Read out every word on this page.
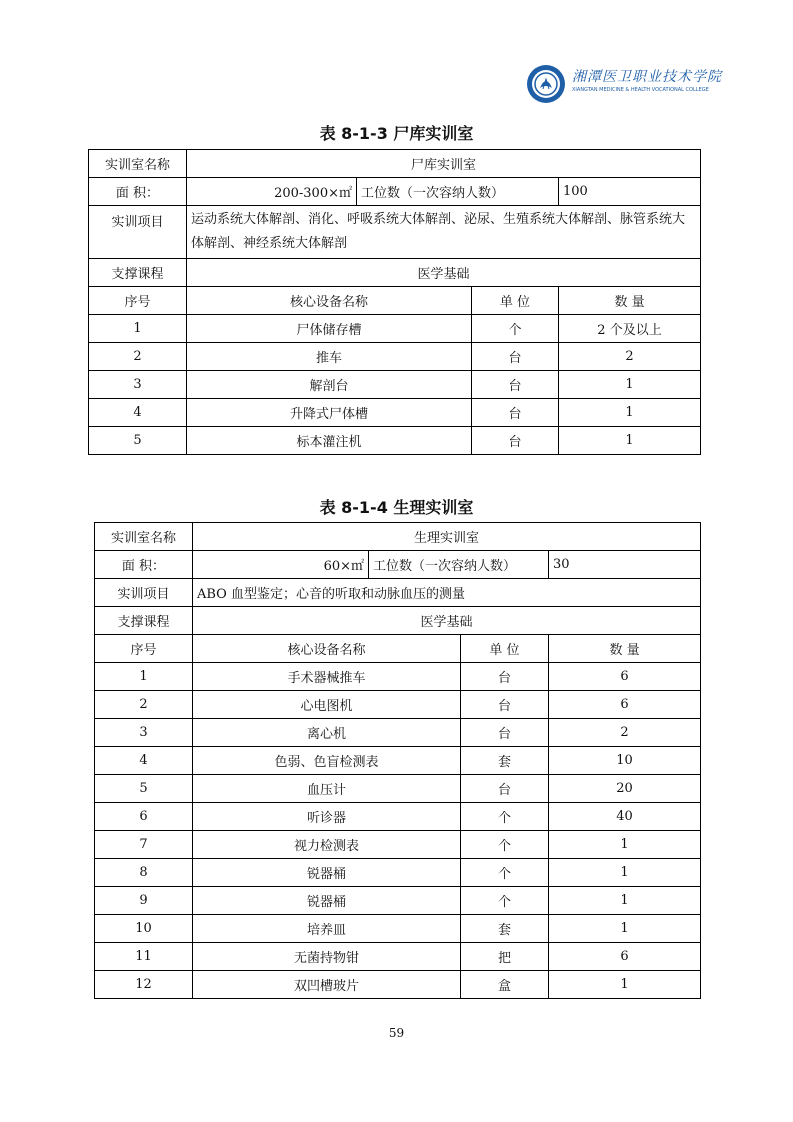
湘潭医卫职业技术学院
XIANGTAN MEDICINE & HEALTH VOCATIONAL COLLEGE
表 8-1-3 尸库实训室
实训室名称	尸库实训室			
面 积：	200-300×㎡	工位数（一次容纳人数）		100
实训项目	运动系统大体解剖、消化、呼吸系统大体解剖、泌尿、生殖系统大体解剖、脉管系统大体解剖、神经系统大体解剖			
支撑课程	医学基础			
序号	核心设备名称		单 位	数 量
1	尸体储存槽		个	2 个及以上
2	推车		台	2
3	解剖台		台	1
4	升降式尸体槽		台	1
5	标本灌注机		台	1
表 8-1-4 生理实训室
实训室名称	生理实训室			
面 积：	60×㎡	工位数（一次容纳人数）		30
实训项目	ABO 血型鉴定；心音的听取和动脉血压的测量			
支撑课程	医学基础			
序号	核心设备名称		单 位	数 量
1	手术器械推车		台	6
2	心电图机		台	6
3	离心机		台	2
4	色弱、色盲检测表		套	10
5	血压计		台	20
6	听诊器		个	40
7	视力检测表		个	1
8	锐器桶		个	1
9	锐器桶		个	1
10	培养皿		套	1
11	无菌持物钳		把	6
12	双凹槽玻片		盒	1
59
